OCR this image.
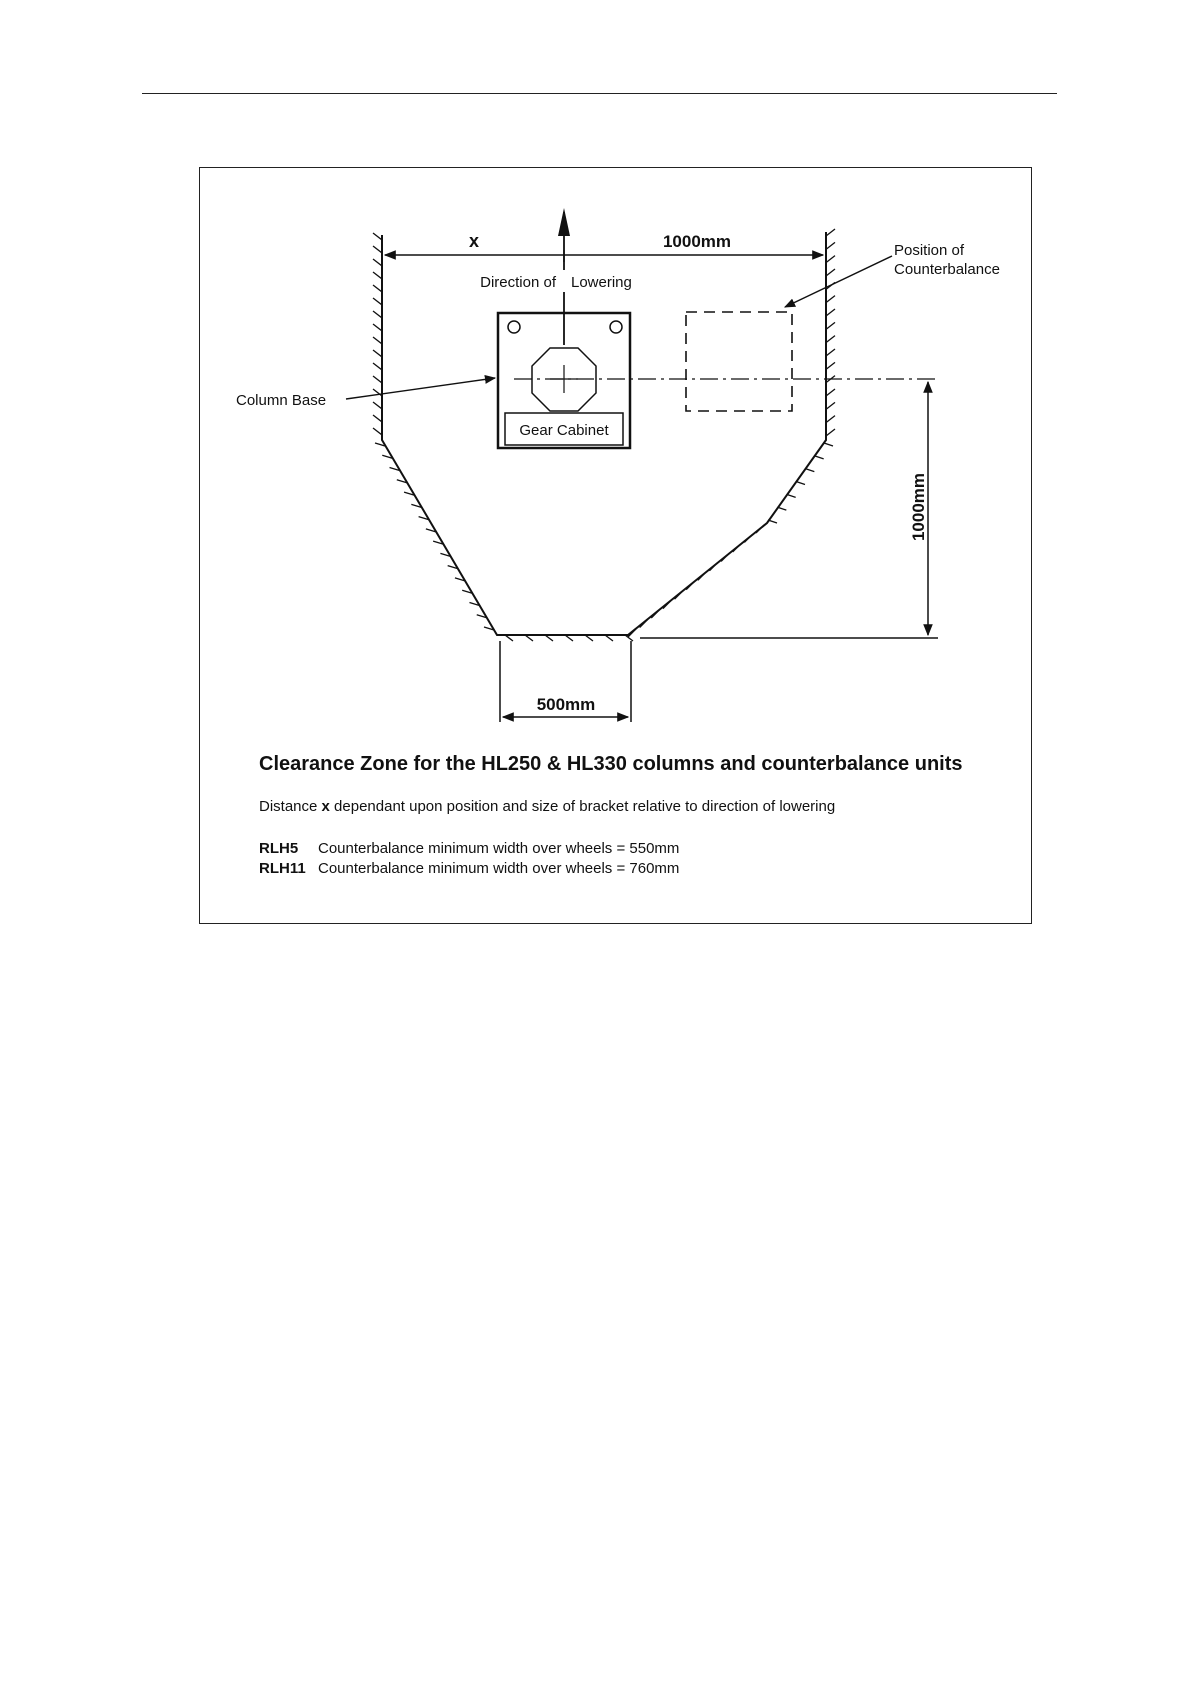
x	1000mm
Direction of Lowering
Gear Cabinet
Column Base
Position of
Counterbalance
1000mm
500mm
Clearance Zone for the HL250 & HL330 columns and counterbalance units
Distance x dependant upon position and size of bracket relative to direction of lowering
RLH5 Counterbalance minimum width over wheels = 550mm
RLH11 Counterbalance minimum width over wheels = 760mm
